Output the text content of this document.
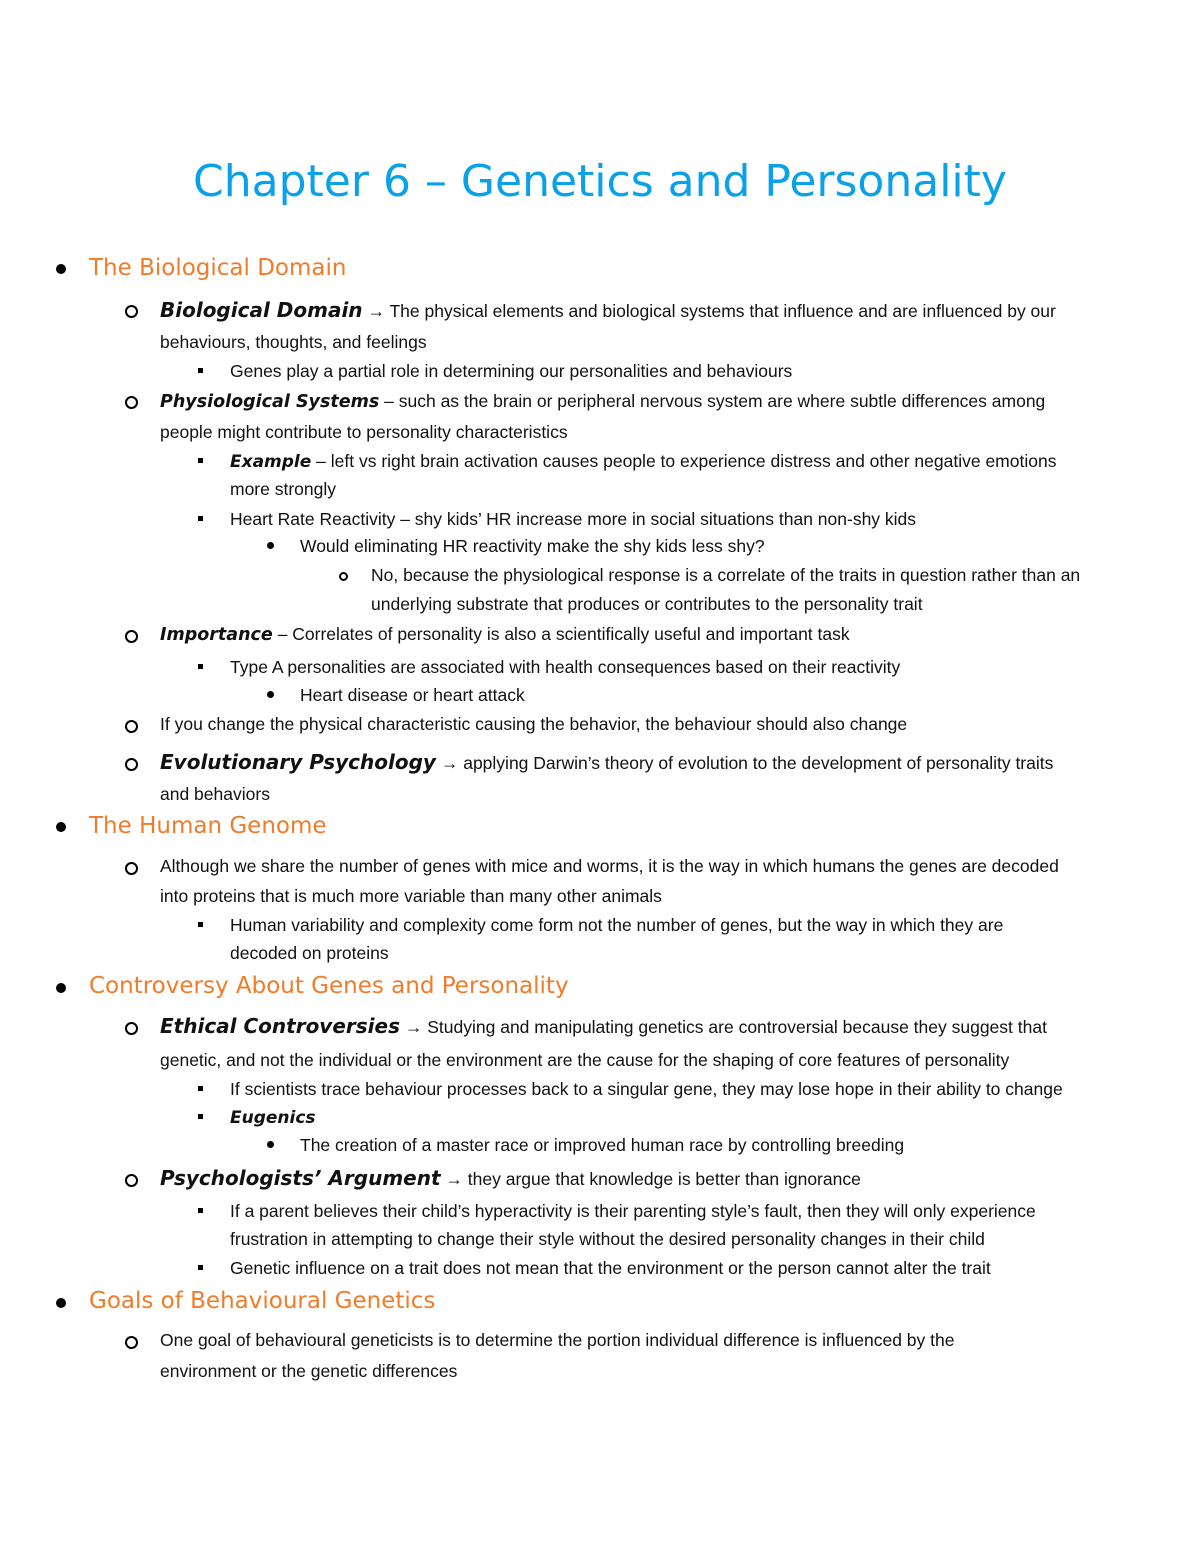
Chapter 6 – Genetics and Personality
The Biological Domain
Biological Domain → The physical elements and biological systems that influence and are influenced by our
behaviours, thoughts, and feelings
Genes play a partial role in determining our personalities and behaviours
Physiological Systems – such as the brain or peripheral nervous system are where subtle differences among
people might contribute to personality characteristics
Example – left vs right brain activation causes people to experience distress and other negative emotions
more strongly
Heart Rate Reactivity – shy kids’ HR increase more in social situations than non-shy kids
Would eliminating HR reactivity make the shy kids less shy?
No, because the physiological response is a correlate of the traits in question rather than an
underlying substrate that produces or contributes to the personality trait
Importance – Correlates of personality is also a scientifically useful and important task
Type A personalities are associated with health consequences based on their reactivity
Heart disease or heart attack
If you change the physical characteristic causing the behavior, the behaviour should also change
Evolutionary Psychology → applying Darwin’s theory of evolution to the development of personality traits
and behaviors
The Human Genome
Although we share the number of genes with mice and worms, it is the way in which humans the genes are decoded
into proteins that is much more variable than many other animals
Human variability and complexity come form not the number of genes, but the way in which they are
decoded on proteins
Controversy About Genes and Personality
Ethical Controversies → Studying and manipulating genetics are controversial because they suggest that
genetic, and not the individual or the environment are the cause for the shaping of core features of personality
If scientists trace behaviour processes back to a singular gene, they may lose hope in their ability to change
Eugenics
The creation of a master race or improved human race by controlling breeding
Psychologists’ Argument → they argue that knowledge is better than ignorance
If a parent believes their child’s hyperactivity is their parenting style’s fault, then they will only experience
frustration in attempting to change their style without the desired personality changes in their child
Genetic influence on a trait does not mean that the environment or the person cannot alter the trait
Goals of Behavioural Genetics
One goal of behavioural geneticists is to determine the portion individual difference is influenced by the
environment or the genetic differences
